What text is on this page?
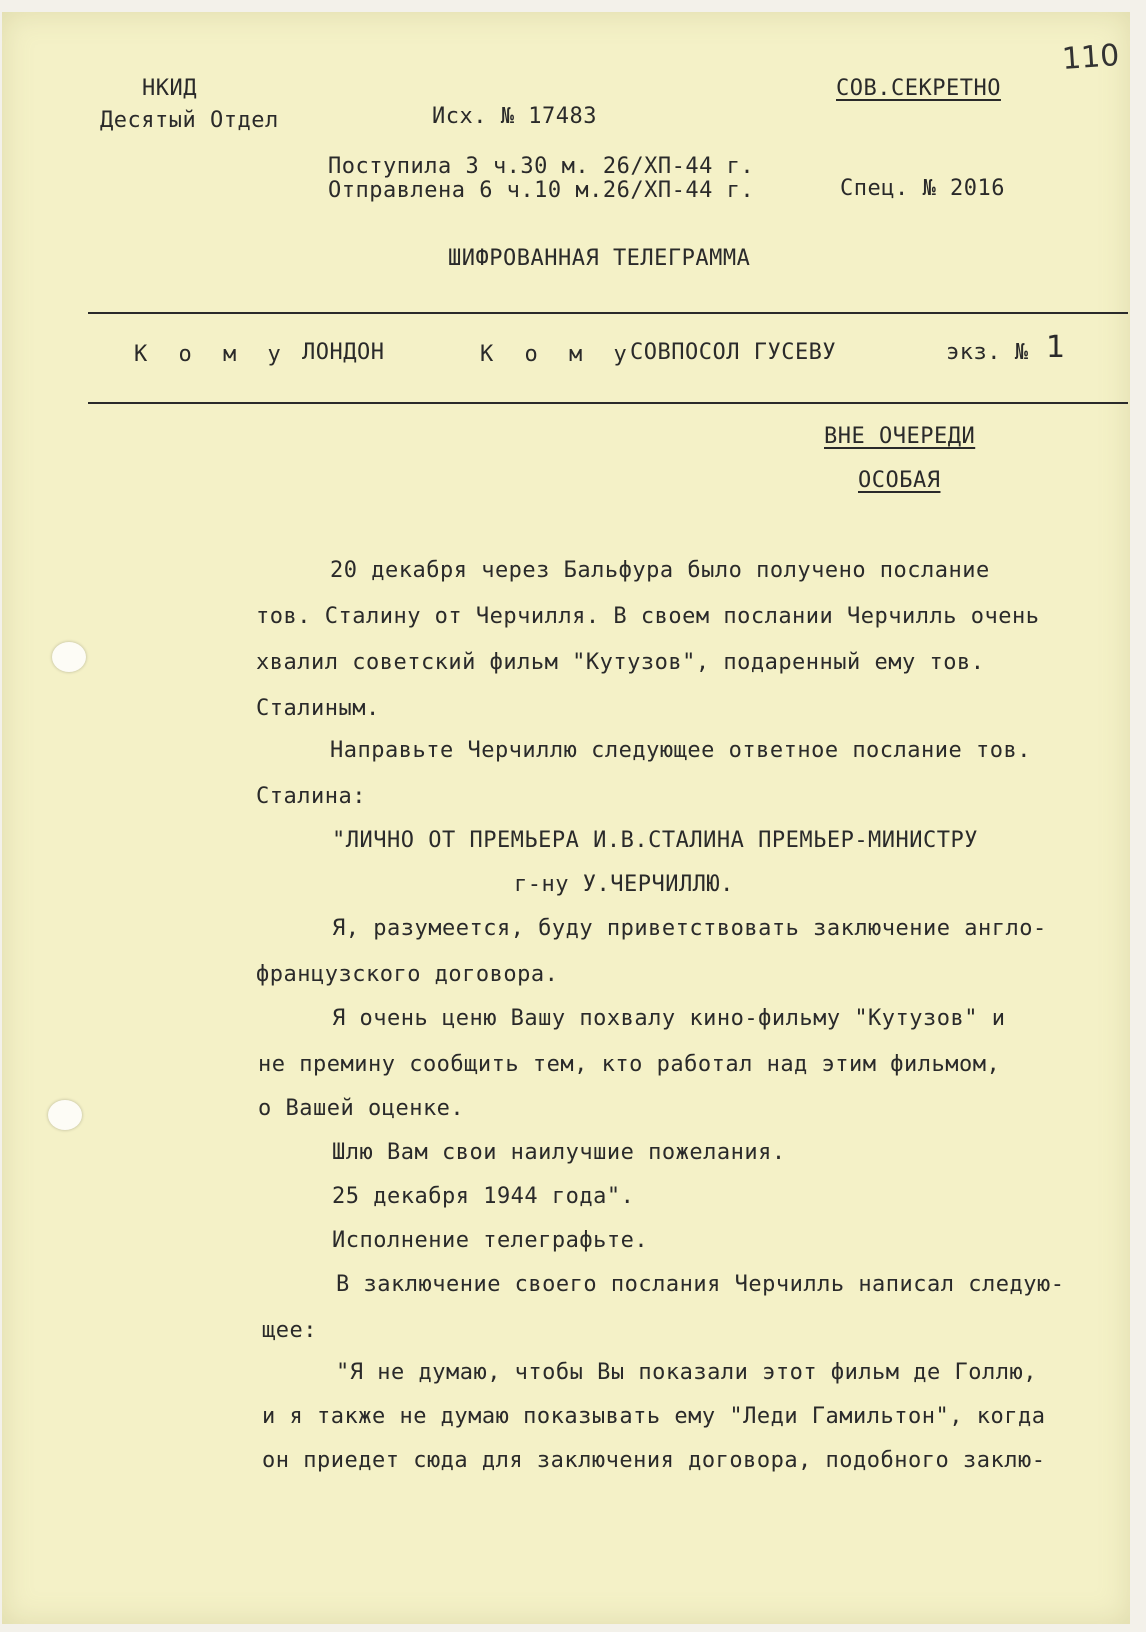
110
НКИД
Десятый Отдел	Исх. № 17483
СОВ.СЕКРЕТНО
Поступила 3 ч.30 м. 26/ХП-44 г.
Отправлена 6 ч.10 м.26/ХП-44 г.	Спец. № 2016
ШИФРОВАННАЯ ТЕЛЕГРАММА
К о м у ЛОНДОН	К о м у
СОВПОСОЛ ГУСЕВУ	экз. № 1
ВНЕ ОЧЕРЕДИ
ОСОБАЯ
20 декабря через Бальфура было получено послание
тов. Сталину от Черчилля. В своем послании Черчилль очень
хвалил советский фильм "Кутузов", подаренный ему тов.
Сталиным.
Направьте Черчиллю следующее ответное послание тов.
Сталина:
"ЛИЧНО ОТ ПРЕМЬЕРА И.В.СТАЛИНА ПРЕМЬЕР-МИНИСТРУ
г-ну У.ЧЕРЧИЛЛЮ.
Я, разумеется, буду приветствовать заключение англо-
французского договора.
Я очень ценю Вашу похвалу кино-фильму "Кутузов" и
не премину сообщить тем, кто работал над этим фильмом,
о Вашей оценке.
Шлю Вам свои наилучшие пожелания.
25 декабря 1944 года".
Исполнение телеграфьте.
В заключение своего послания Черчилль написал следую-
щее:
"Я не думаю, чтобы Вы показали этот фильм де Голлю,
и я также не думаю показывать ему "Леди Гамильтон", когда
он приедет сюда для заключения договора, подобного заклю-
